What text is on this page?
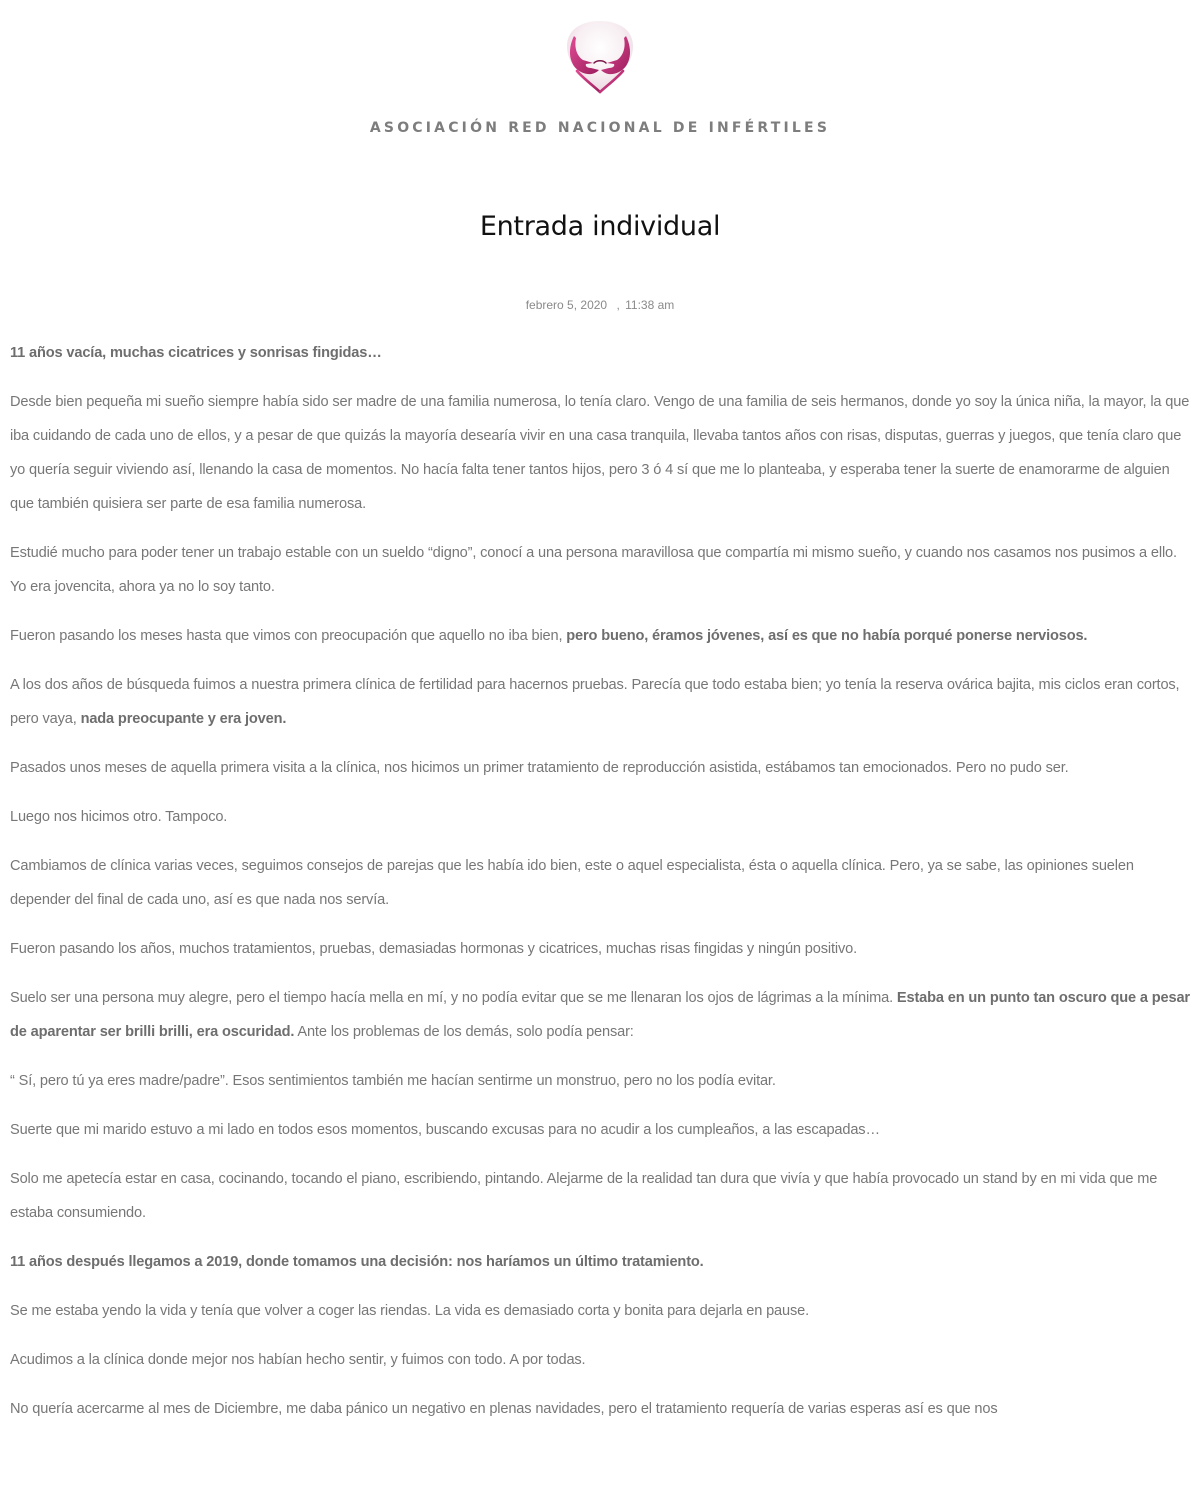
ASOCIACIÓN RED NACIONAL DE INFÉRTILES
Entrada individual
febrero 5, 2020 , 11:38 am

11 años vacía, muchas cicatrices y sonrisas fingidas…

Desde bien pequeña mi sueño siempre había sido ser madre de una familia numerosa, lo tenía claro. Vengo de una familia de seis hermanos, donde yo soy la única niña, la mayor, la que iba cuidando de cada uno de ellos, y a pesar de que quizás la mayoría desearía vivir en una casa tranquila, llevaba tantos años con risas, disputas, guerras y juegos, que tenía claro que yo quería seguir viviendo así, llenando la casa de momentos. No hacía falta tener tantos hijos, pero 3 ó 4 sí que me lo planteaba, y esperaba tener la suerte de enamorarme de alguien que también quisiera ser parte de esa familia numerosa.

Estudié mucho para poder tener un trabajo estable con un sueldo “digno”, conocí a una persona maravillosa que compartía mi mismo sueño, y cuando nos casamos nos pusimos a ello. Yo era jovencita, ahora ya no lo soy tanto.

Fueron pasando los meses hasta que vimos con preocupación que aquello no iba bien, pero bueno, éramos jóvenes, así es que no había porqué ponerse nerviosos.

A los dos años de búsqueda fuimos a nuestra primera clínica de fertilidad para hacernos pruebas. Parecía que todo estaba bien; yo tenía la reserva ovárica bajita, mis ciclos eran cortos, pero vaya, nada preocupante y era joven.

Pasados unos meses de aquella primera visita a la clínica, nos hicimos un primer tratamiento de reproducción asistida, estábamos tan emocionados. Pero no pudo ser.

Luego nos hicimos otro. Tampoco.

Cambiamos de clínica varias veces, seguimos consejos de parejas que les había ido bien, este o aquel especialista, ésta o aquella clínica. Pero, ya se sabe, las opiniones suelen depender del final de cada uno, así es que nada nos servía.

Fueron pasando los años, muchos tratamientos, pruebas, demasiadas hormonas y cicatrices, muchas risas fingidas y ningún positivo.

Suelo ser una persona muy alegre, pero el tiempo hacía mella en mí, y no podía evitar que se me llenaran los ojos de lágrimas a la mínima. Estaba en un punto tan oscuro que a pesar de aparentar ser brilli brilli, era oscuridad. Ante los problemas de los demás, solo podía pensar:

“ Sí, pero tú ya eres madre/padre”. Esos sentimientos también me hacían sentirme un monstruo, pero no los podía evitar.

Suerte que mi marido estuvo a mi lado en todos esos momentos, buscando excusas para no acudir a los cumpleaños, a las escapadas…

Solo me apetecía estar en casa, cocinando, tocando el piano, escribiendo, pintando. Alejarme de la realidad tan dura que vivía y que había provocado un stand by en mi vida que me estaba consumiendo.

11 años después llegamos a 2019, donde tomamos una decisión: nos haríamos un último tratamiento.

Se me estaba yendo la vida y tenía que volver a coger las riendas. La vida es demasiado corta y bonita para dejarla en pause.

Acudimos a la clínica donde mejor nos habían hecho sentir, y fuimos con todo. A por todas.

No quería acercarme al mes de Diciembre, me daba pánico un negativo en plenas navidades, pero el tratamiento requería de varias esperas así es que nos
